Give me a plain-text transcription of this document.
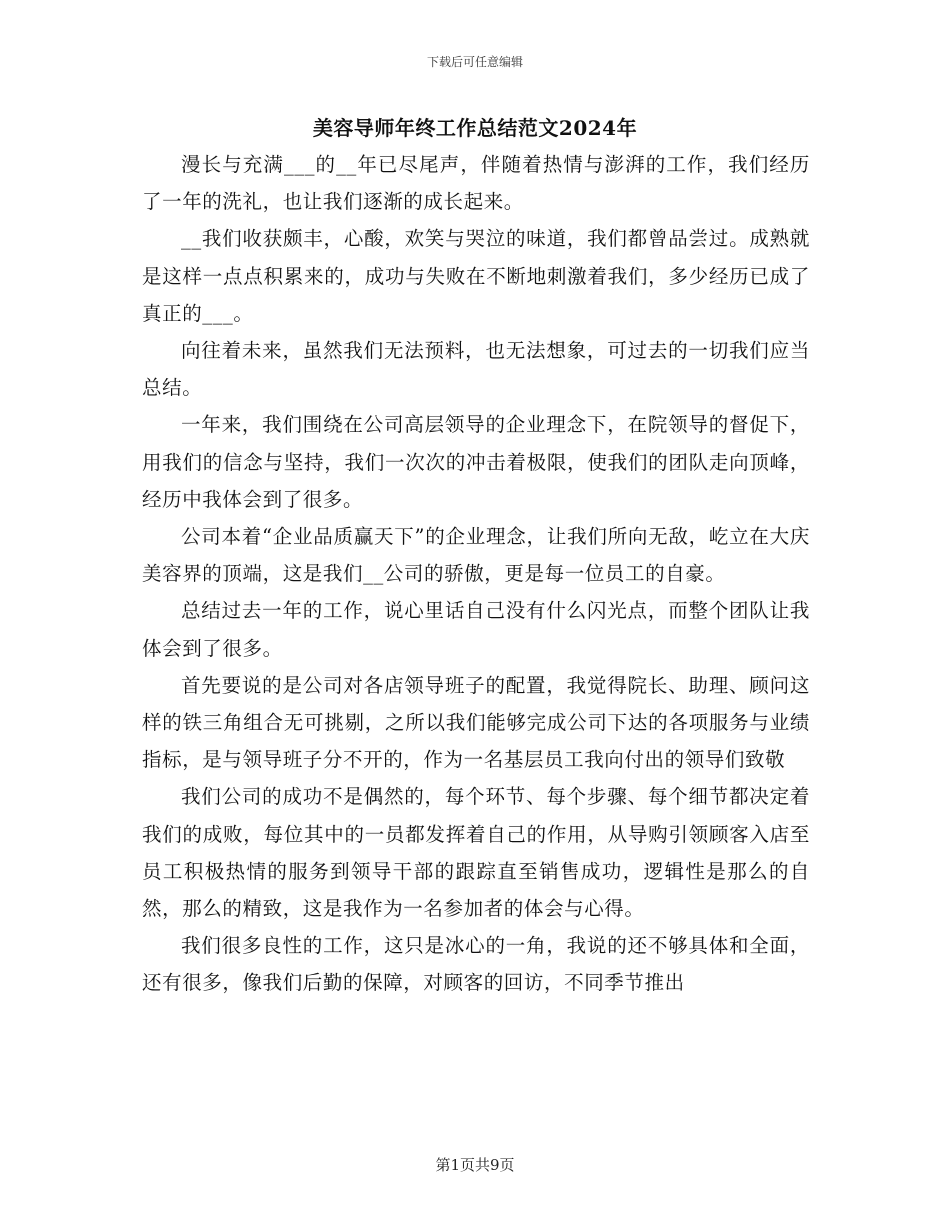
下载后可任意编辑
美容导师年终工作总结范文2024年

漫长与充满___的__年已尽尾声，伴随着热情与澎湃的工作，我们经历了一年的洗礼，也让我们逐渐的成长起来。

__我们收获颇丰，心酸，欢笑与哭泣的味道，我们都曾品尝过。成熟就是这样一点点积累来的，成功与失败在不断地刺激着我们，多少经历已成了真正的___。

向往着未来，虽然我们无法预料，也无法想象，可过去的一切我们应当总结。

一年来，我们围绕在公司高层领导的企业理念下，在院领导的督促下，用我们的信念与坚持，我们一次次的冲击着极限，使我们的团队走向顶峰，经历中我体会到了很多。

公司本着“企业品质赢天下”的企业理念，让我们所向无敌，屹立在大庆美容界的顶端，这是我们__公司的骄傲，更是每一位员工的自豪。

总结过去一年的工作，说心里话自己没有什么闪光点，而整个团队让我体会到了很多。

首先要说的是公司对各店领导班子的配置，我觉得院长、助理、顾问这样的铁三角组合无可挑剔，之所以我们能够完成公司下达的各项服务与业绩指标，是与领导班子分不开的，作为一名基层员工我向付出的领导们致敬

我们公司的成功不是偶然的，每个环节、每个步骤、每个细节都决定着我们的成败，每位其中的一员都发挥着自己的作用，从导购引领顾客入店至员工积极热情的服务到领导干部的跟踪直至销售成功，逻辑性是那么的自然，那么的精致，这是我作为一名参加者的体会与心得。

我们很多良性的工作，这只是冰心的一角，我说的还不够具体和全面，还有很多，像我们后勤的保障，对顾客的回访，不同季节推出

第1页共9页
